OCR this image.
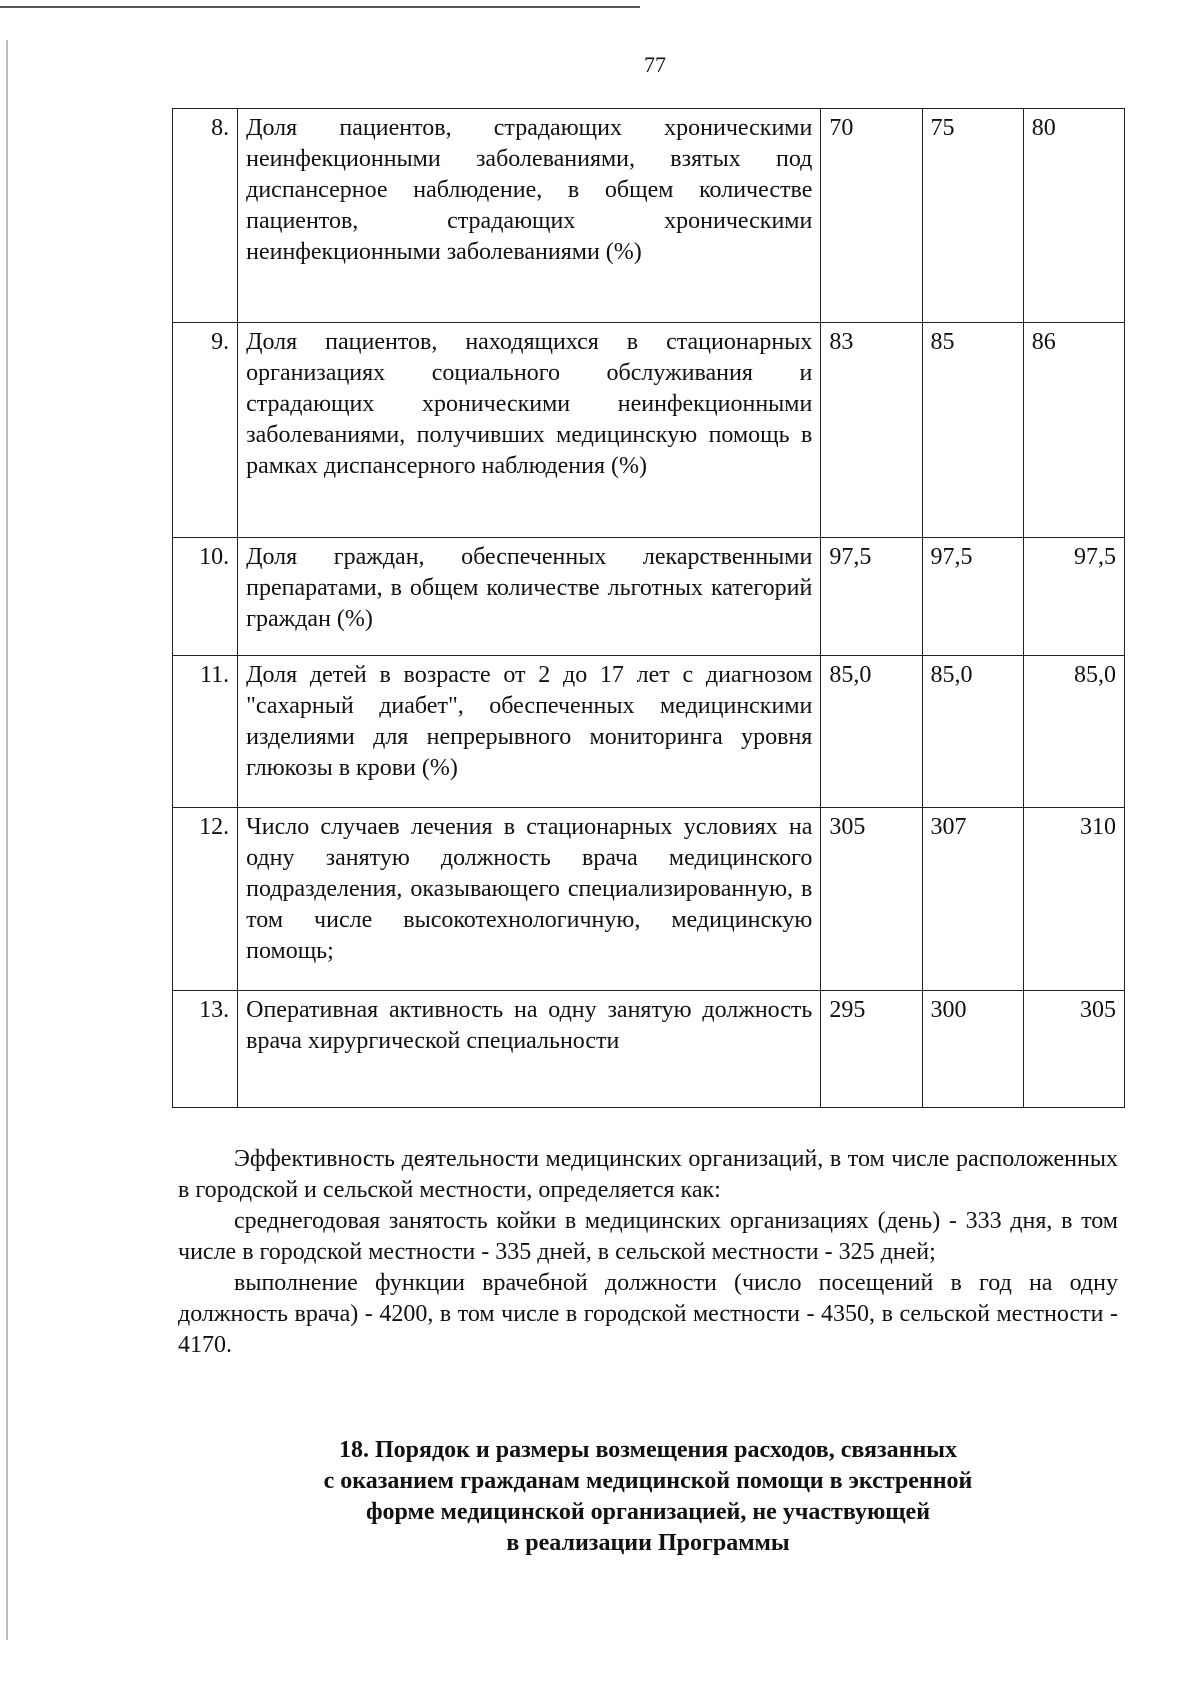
77
8.	Доля пациентов, страдающих хроническими неинфекционными заболеваниями, взятых под диспансерное наблюдение, в общем количестве пациентов, страдающих хроническими неинфекционными заболеваниями (%)	70	75	80
9.	Доля пациентов, находящихся в стационарных организациях социального обслуживания и страдающих хроническими неинфекционными заболеваниями, получивших медицинскую помощь в рамках диспансерного наблюдения (%)	83	85	86
10.	Доля граждан, обеспеченных лекарственными препаратами, в общем количестве льготных категорий граждан (%)	97,5	97,5	97,5
11.	Доля детей в возрасте от 2 до 17 лет с диагнозом "сахарный диабет", обеспеченных медицинскими изделиями для непрерывного мониторинга уровня глюкозы в крови (%)	85,0	85,0	85,0
12.	Число случаев лечения в стационарных условиях на одну занятую должность врача медицинского подразделения, оказывающего специализированную, в том числе высокотехнологичную, медицинскую помощь;	305	307	310
13.	Оперативная активность на одну занятую должность врача хирургической специальности	295	300	305

Эффективность деятельности медицинских организаций, в том числе расположенных в городской и сельской местности, определяется как:

среднегодовая занятость койки в медицинских организациях (день) - 333 дня, в том числе в городской местности - 335 дней, в сельской местности - 325 дней;

выполнение функции врачебной должности (число посещений в год на одну должность врача) - 4200, в том числе в городской местности - 4350, в сельской местности - 4170.

18. Порядок и размеры возмещения расходов, связанных
с оказанием гражданам медицинской помощи в экстренной
форме медицинской организацией, не участвующей
в реализации Программы
